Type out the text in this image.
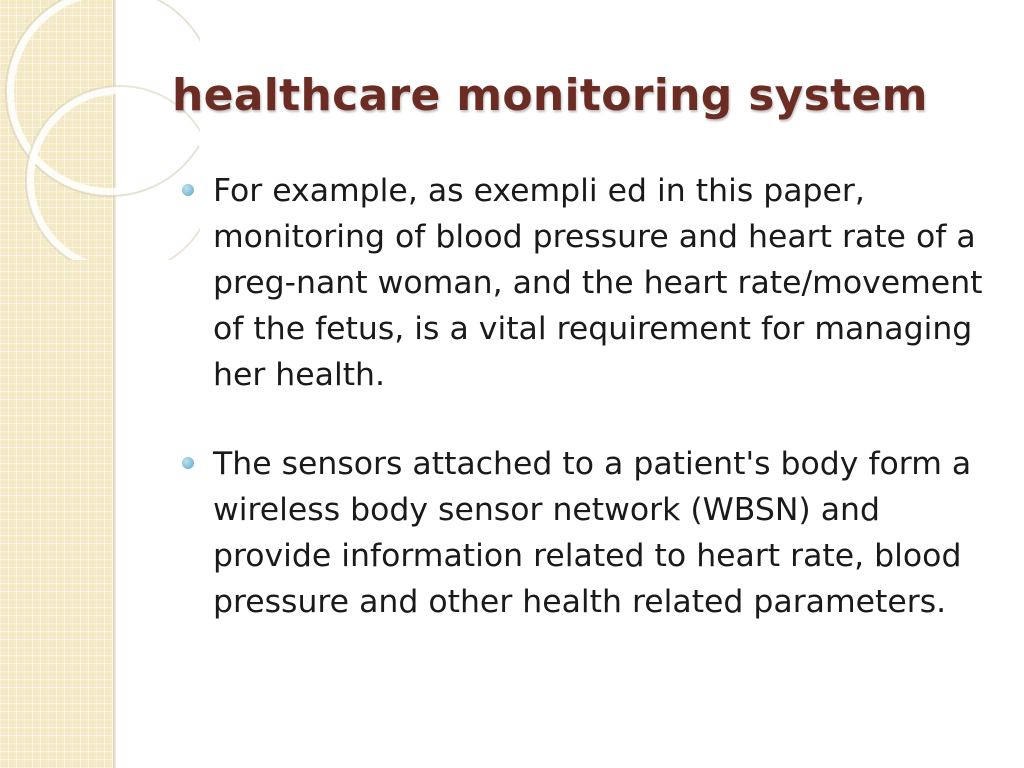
healthcare monitoring system
For example, as exempli ed in this paper, monitoring of blood pressure and heart rate of a preg-nant woman, and the heart rate/movement of the fetus, is a vital requirement for managing her health.
The sensors attached to a patient's body form a wireless body sensor network (WBSN) and provide information related to heart rate, blood pressure and other health related parameters.
